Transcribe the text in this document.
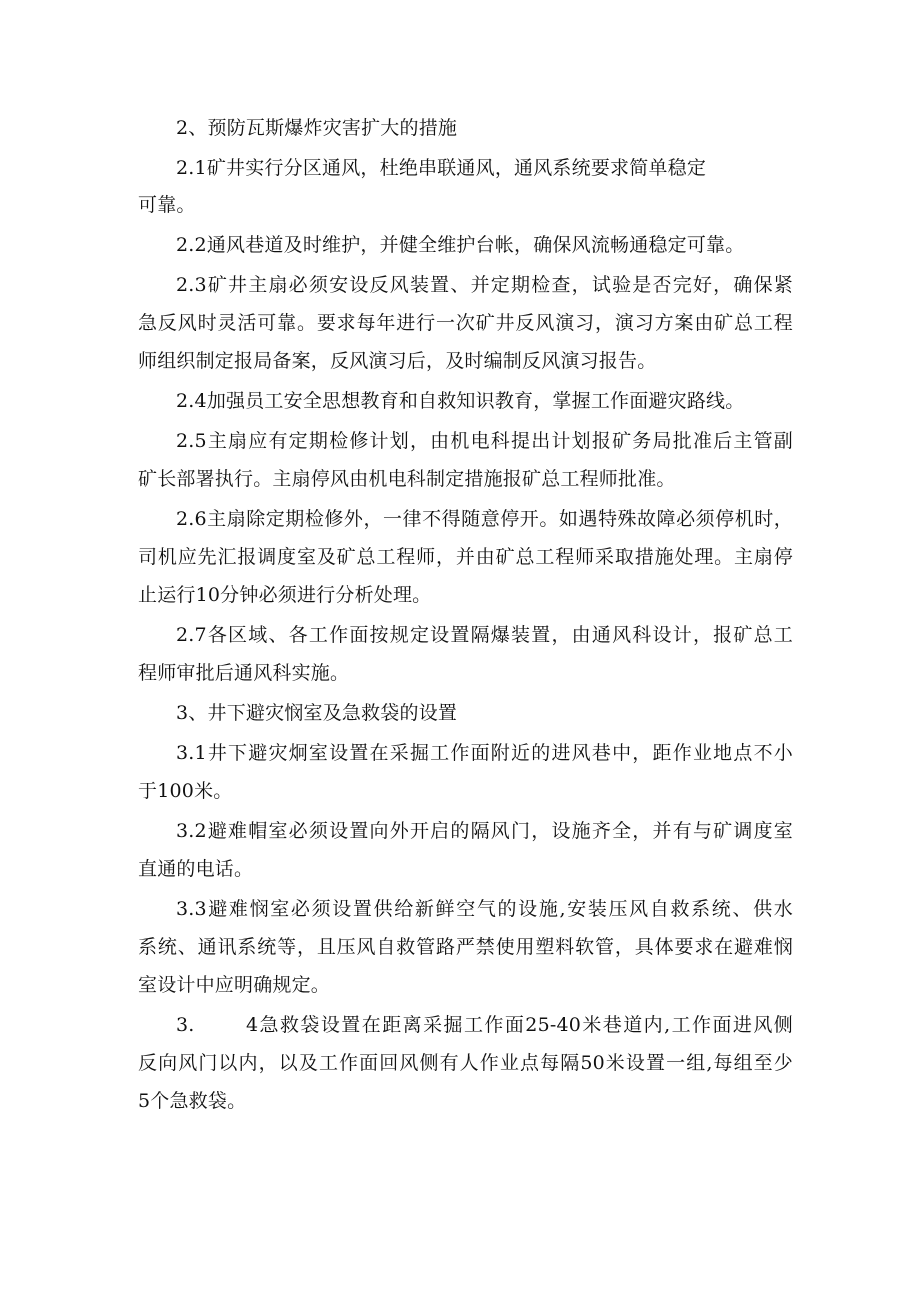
2、预防瓦斯爆炸灾害扩大的措施

2.1矿井实行分区通风，杜绝串联通风，通风系统要求简单稳定

可靠。

2.2通风巷道及时维护，并健全维护台帐，确保风流畅通稳定可靠。

2.3矿井主扇必须安设反风装置、并定期检查，试验是否完好，确保紧

急反风时灵活可靠。要求每年进行一次矿井反风演习，演习方案由矿总工程

师组织制定报局备案，反风演习后，及时编制反风演习报告。

2.4加强员工安全思想教育和自救知识教育，掌握工作面避灾路线。

2.5主扇应有定期检修计划，由机电科提出计划报矿务局批准后主管副

矿长部署执行。主扇停风由机电科制定措施报矿总工程师批准。

2.6主扇除定期检修外，一律不得随意停开。如遇特殊故障必须停机时，

司机应先汇报调度室及矿总工程师，并由矿总工程师采取措施处理。主扇停

止运行10分钟必须进行分析处理。

2.7各区域、各工作面按规定设置隔爆装置，由通风科设计，报矿总工

程师审批后通风科实施。

3、井下避灾悯室及急救袋的设置

3.1井下避灾炯室设置在采掘工作面附近的进风巷中，距作业地点不小

于100米。

3.2避难帽室必须设置向外开启的隔风门，设施齐全，并有与矿调度室

直通的电话。

3.3避难悯室必须设置供给新鲜空气的设施,安装压风自救系统、供水

系统、通讯系统等，且压风自救管路严禁使用塑料软管，具体要求在避难悯

室设计中应明确规定。

3.	4急救袋设置在距离采掘工作面25-40米巷道内,工作面进风侧

反向风门以内，以及工作面回风侧有人作业点每隔50米设置一组,每组至少

5个急救袋。
